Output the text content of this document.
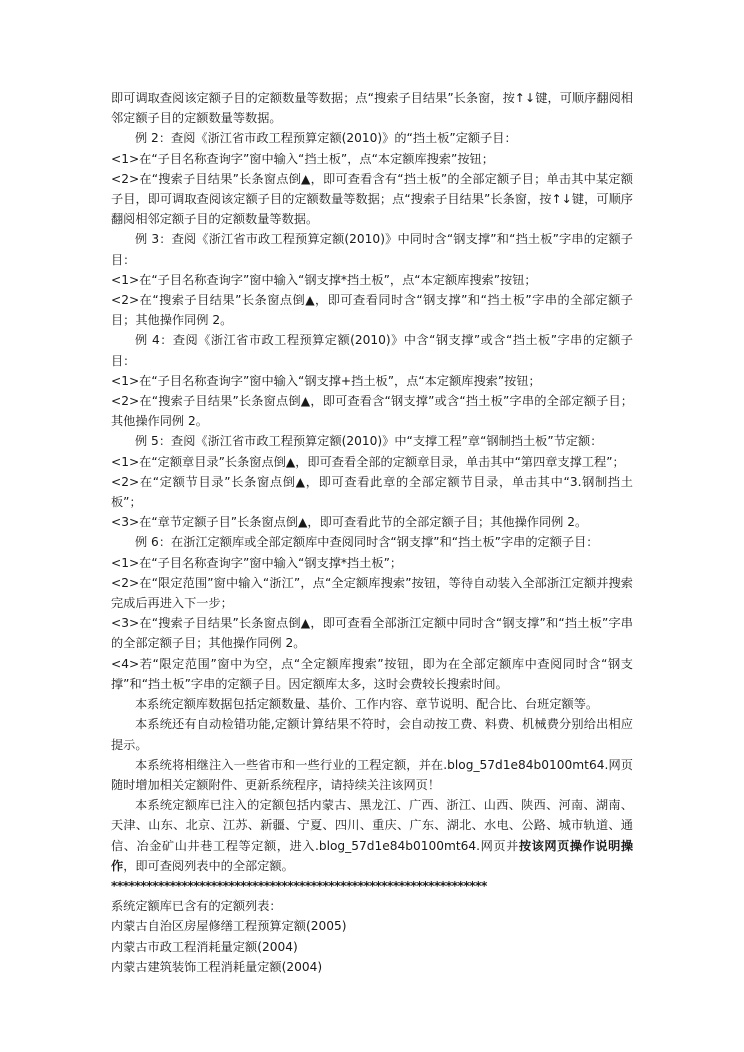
即可调取查阅该定额子目的定额数量等数据；点“搜索子目结果”长条窗，按↑↓键，可顺序翻阅相邻定额子目的定额数量等数据。

例 2：查阅《浙江省市政工程预算定额(2010)》的“挡土板”定额子目：

<1>在“子目名称查询字”窗中输入“挡土板”，点“本定额库搜索”按钮；

<2>在“搜索子目结果”长条窗点倒▲，即可查看含有“挡土板”的全部定额子目；单击其中某定额子目，即可调取查阅该定额子目的定额数量等数据；点“搜索子目结果”长条窗，按↑↓键，可顺序翻阅相邻定额子目的定额数量等数据。

例 3：查阅《浙江省市政工程预算定额(2010)》中同时含“钢支撑”和“挡土板”字串的定额子目：

<1>在“子目名称查询字”窗中输入“钢支撑*挡土板”，点“本定额库搜索”按钮；

<2>在“搜索子目结果”长条窗点倒▲，即可查看同时含“钢支撑”和“挡土板”字串的全部定额子目；其他操作同例 2。

例 4：查阅《浙江省市政工程预算定额(2010)》中含“钢支撑”或含“挡土板”字串的定额子目：

<1>在“子目名称查询字”窗中输入“钢支撑+挡土板”，点“本定额库搜索”按钮；

<2>在“搜索子目结果”长条窗点倒▲，即可查看含“钢支撑”或含“挡土板”字串的全部定额子目；其他操作同例 2。

例 5：查阅《浙江省市政工程预算定额(2010)》中“支撑工程”章“钢制挡土板”节定额：

<1>在“定额章目录”长条窗点倒▲，即可查看全部的定额章目录，单击其中“第四章支撑工程”；

<2>在“定额节目录”长条窗点倒▲，即可查看此章的全部定额节目录，单击其中“3.钢制挡土板”；

<3>在“章节定额子目”长条窗点倒▲，即可查看此节的全部定额子目；其他操作同例 2。

例 6：在浙江定额库或全部定额库中查阅同时含“钢支撑”和“挡土板”字串的定额子目：

<1>在“子目名称查询字”窗中输入“钢支撑*挡土板”；

<2>在“限定范围”窗中输入“浙江”，点“全定额库搜索”按钮，等待自动装入全部浙江定额并搜索完成后再进入下一步；

<3>在“搜索子目结果”长条窗点倒▲，即可查看全部浙江定额中同时含“钢支撑”和“挡土板”字串的全部定额子目；其他操作同例 2。

<4>若“限定范围”窗中为空，点“全定额库搜索”按钮，即为在全部定额库中查阅同时含“钢支撑”和“挡土板”字串的定额子目。因定额库太多，这时会费较长搜索时间。

本系统定额库数据包括定额数量、基价、工作内容、章节说明、配合比、台班定额等。

本系统还有自动检错功能,定额计算结果不符时，会自动按工费、料费、机械费分别给出相应提示。

本系统将相继注入一些省市和一些行业的工程定额，并在.blog_57d1e84b0100mt64.网页随时增加相关定额附件、更新系统程序，请持续关注该网页！

本系统定额库已注入的定额包括内蒙古、黑龙江、广西、浙江、山西、陕西、河南、湖南、天津、山东、北京、江苏、新疆、宁夏、四川、重庆、广东、湖北、水电、公路、城市轨道、通信、冶金矿山井巷工程等定额，进入.blog_57d1e84b0100mt64.网页并按该网页操作说明操作，即可查阅列表中的全部定额。

****************************************************************

系统定额库已含有的定额列表：

内蒙古自治区房屋修缮工程预算定额(2005)

内蒙古市政工程消耗量定额(2004)

内蒙古建筑装饰工程消耗量定额(2004)
